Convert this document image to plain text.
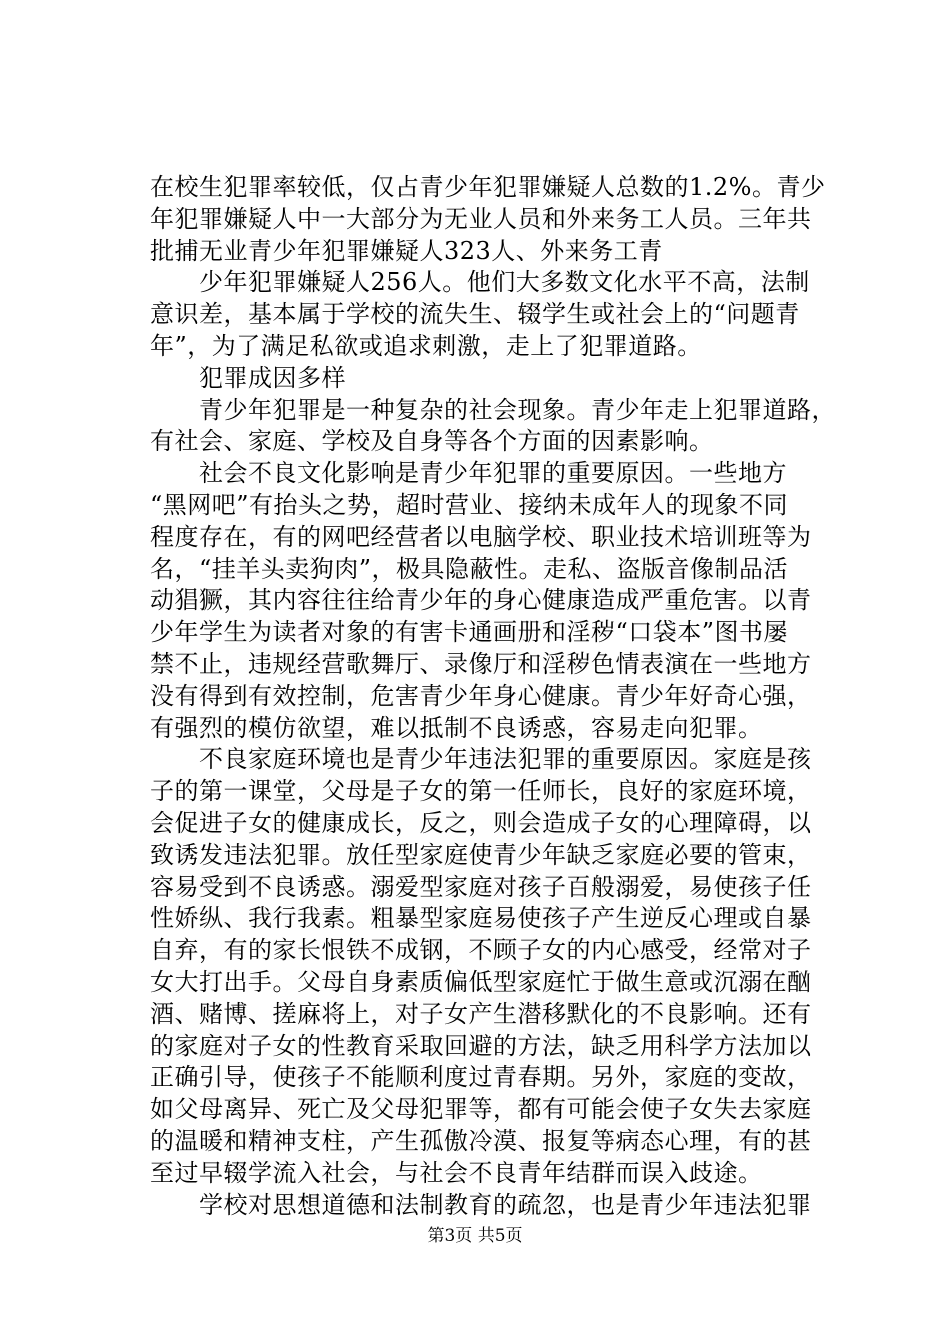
在校生犯罪率较低，仅占青少年犯罪嫌疑人总数的1.2%。青少
年犯罪嫌疑人中一大部分为无业人员和外来务工人员。三年共
批捕无业青少年犯罪嫌疑人323人、外来务工青
　　少年犯罪嫌疑人256人。他们大多数文化水平不高，法制
意识差，基本属于学校的流失生、辍学生或社会上的“问题青
年”，为了满足私欲或追求刺激，走上了犯罪道路。
　　犯罪成因多样
　　青少年犯罪是一种复杂的社会现象。青少年走上犯罪道路，
有社会、家庭、学校及自身等各个方面的因素影响。
　　社会不良文化影响是青少年犯罪的重要原因。一些地方
“黑网吧”有抬头之势，超时营业、接纳未成年人的现象不同
程度存在，有的网吧经营者以电脑学校、职业技术培训班等为
名，“挂羊头卖狗肉”，极具隐蔽性。走私、盗版音像制品活
动猖獗，其内容往往给青少年的身心健康造成严重危害。以青
少年学生为读者对象的有害卡通画册和淫秽“口袋本”图书屡
禁不止，违规经营歌舞厅、录像厅和淫秽色情表演在一些地方
没有得到有效控制，危害青少年身心健康。青少年好奇心强，
有强烈的模仿欲望，难以抵制不良诱惑，容易走向犯罪。
　　不良家庭环境也是青少年违法犯罪的重要原因。家庭是孩
子的第一课堂，父母是子女的第一任师长，良好的家庭环境，
会促进子女的健康成长，反之，则会造成子女的心理障碍，以
致诱发违法犯罪。放任型家庭使青少年缺乏家庭必要的管束，
容易受到不良诱惑。溺爱型家庭对孩子百般溺爱，易使孩子任
性娇纵、我行我素。粗暴型家庭易使孩子产生逆反心理或自暴
自弃，有的家长恨铁不成钢，不顾子女的内心感受，经常对子
女大打出手。父母自身素质偏低型家庭忙于做生意或沉溺在酗
酒、赌博、搓麻将上，对子女产生潜移默化的不良影响。还有
的家庭对子女的性教育采取回避的方法，缺乏用科学方法加以
正确引导，使孩子不能顺利度过青春期。另外，家庭的变故，
如父母离异、死亡及父母犯罪等，都有可能会使子女失去家庭
的温暖和精神支柱，产生孤傲冷漠、报复等病态心理，有的甚
至过早辍学流入社会，与社会不良青年结群而误入歧途。
　　学校对思想道德和法制教育的疏忽，也是青少年违法犯罪
第3页 共5页
